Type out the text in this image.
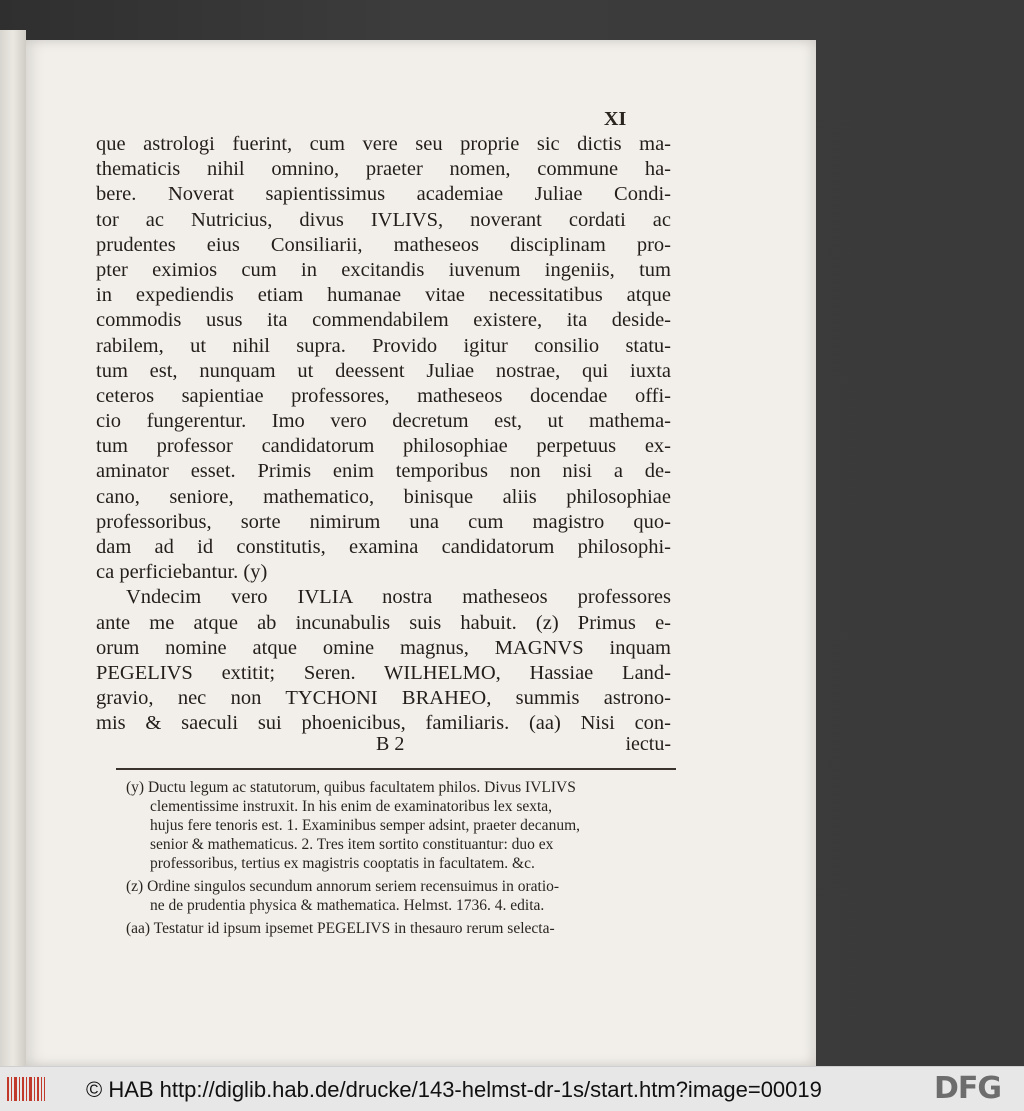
XI
que astrologi fuerint, cum vere seu proprie sic dictis ma-
thematicis nihil omnino, praeter nomen, commune ha-
bere. Noverat sapientissimus academiae Juliae Condi-
tor ac Nutricius, divus IVLIVS, noverant cordati ac
prudentes eius Consiliarii, matheseos disciplinam pro-
pter eximios cum in excitandis iuvenum ingeniis, tum
in expediendis etiam humanae vitae necessitatibus atque
commodis usus ita commendabilem existere, ita deside-
rabilem, ut nihil supra. Provido igitur consilio statu-
tum est, nunquam ut deessent Juliae nostrae, qui iuxta
ceteros sapientiae professores, matheseos docendae offi-
cio fungerentur. Imo vero decretum est, ut mathema-
tum professor candidatorum philosophiae perpetuus ex-
aminator esset. Primis enim temporibus non nisi a de-
cano, seniore, mathematico, binisque aliis philosophiae
professoribus, sorte nimirum una cum magistro quo-
dam ad id constitutis, examina candidatorum philosophi-
ca perficiebantur. (y)
Vndecim vero IVLIA nostra matheseos professores
ante me atque ab incunabulis suis habuit. (z) Primus e-
orum nomine atque omine magnus, MAGNVS inquam
PEGELIVS extitit; Seren. WILHELMO, Hassiae Land-
gravio, nec non TYCHONI BRAHEO, summis astrono-
mis & saeculi sui phoenicibus, familiaris. (aa) Nisi con-
B 2	iectu-
(y) Ductu legum ac statutorum, quibus facultatem philos. Divus IVLIVS
clementissime instruxit. In his enim de examinatoribus lex sexta,
hujus fere tenoris est. 1. Examinibus semper adsint, praeter decanum,
senior & mathematicus. 2. Tres item sortito constituantur: duo ex
professoribus, tertius ex magistris cooptatis in facultatem. &c.
(z) Ordine singulos secundum annorum seriem recensuimus in oratio-
ne de prudentia physica & mathematica. Helmst. 1736. 4. edita.
(aa) Testatur id ipsum ipsemet PEGELIVS in thesauro rerum selecta-
© HAB http://diglib.hab.de/drucke/143-helmst-dr-1s/start.htm?image=00019	DFG
